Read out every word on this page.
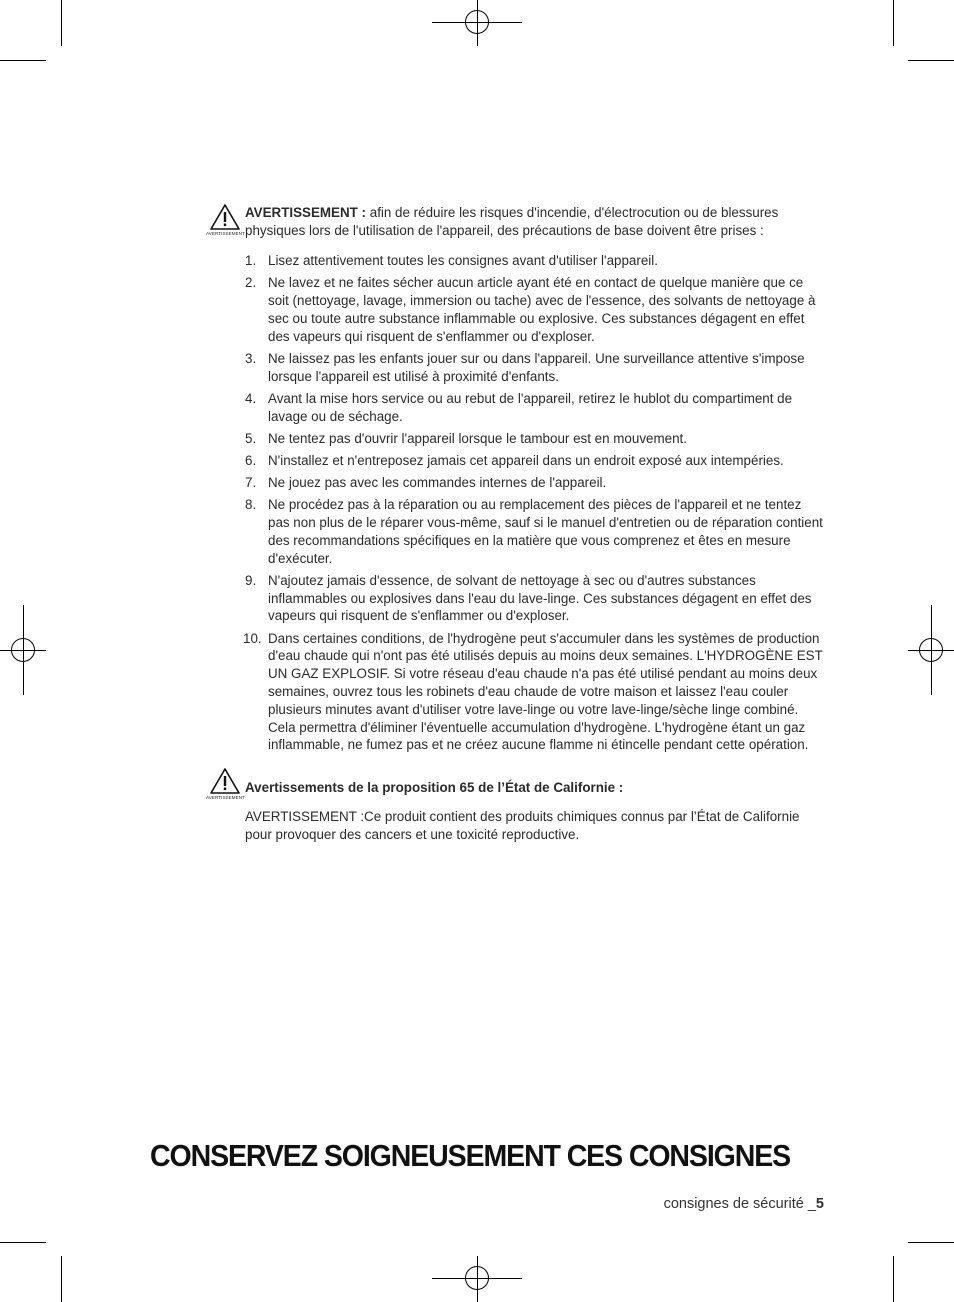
AVERTISSEMENT
AVERTISSEMENT : afin de réduire les risques d'incendie, d'électrocution ou de blessures physiques lors de l'utilisation de l'appareil, des précautions de base doivent être prises :
1. Lisez attentivement toutes les consignes avant d'utiliser l'appareil.
2. Ne lavez et ne faites sécher aucun article ayant été en contact de quelque manière que ce soit (nettoyage, lavage, immersion ou tache) avec de l'essence, des solvants de nettoyage à sec ou toute autre substance inflammable ou explosive. Ces substances dégagent en effet des vapeurs qui risquent de s'enflammer ou d'exploser.
3. Ne laissez pas les enfants jouer sur ou dans l'appareil. Une surveillance attentive s'impose lorsque l'appareil est utilisé à proximité d'enfants.
4. Avant la mise hors service ou au rebut de l'appareil, retirez le hublot du compartiment de lavage ou de séchage.
5. Ne tentez pas d'ouvrir l'appareil lorsque le tambour est en mouvement.
6. N'installez et n'entreposez jamais cet appareil dans un endroit exposé aux intempéries.
7. Ne jouez pas avec les commandes internes de l'appareil.
8. Ne procédez pas à la réparation ou au remplacement des pièces de l'appareil et ne tentez pas non plus de le réparer vous-même, sauf si le manuel d'entretien ou de réparation contient des recommandations spécifiques en la matière que vous comprenez et êtes en mesure d'exécuter.
9. N'ajoutez jamais d'essence, de solvant de nettoyage à sec ou d'autres substances inflammables ou explosives dans l'eau du lave-linge. Ces substances dégagent en effet des vapeurs qui risquent de s'enflammer ou d'exploser.
10. Dans certaines conditions, de l'hydrogène peut s'accumuler dans les systèmes de production d'eau chaude qui n'ont pas été utilisés depuis au moins deux semaines. L'HYDROGÈNE EST UN GAZ EXPLOSIF. Si votre réseau d'eau chaude n'a pas été utilisé pendant au moins deux semaines, ouvrez tous les robinets d'eau chaude de votre maison et laissez l'eau couler plusieurs minutes avant d'utiliser votre lave-linge ou votre lave-linge/sèche linge combiné. Cela permettra d'éliminer l'éventuelle accumulation d'hydrogène. L'hydrogène étant un gaz inflammable, ne fumez pas et ne créez aucune flamme ni étincelle pendant cette opération.
AVERTISSEMENT
Avertissements de la proposition 65 de l’État de Californie :
AVERTISSEMENT :Ce produit contient des produits chimiques connus par l’État de Californie pour provoquer des cancers et une toxicité reproductive.
CONSERVEZ SOIGNEUSEMENT CES CONSIGNES
consignes de sécurité _5
